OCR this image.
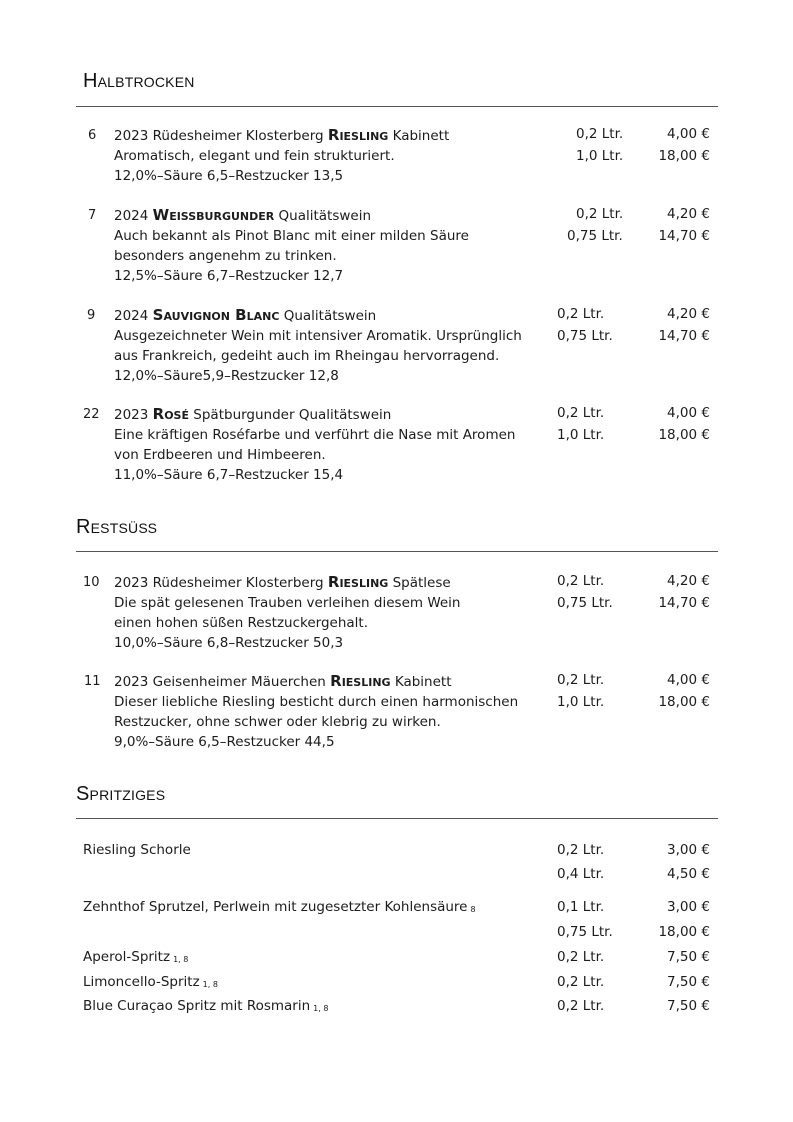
Halbtrocken
6 2023 Rüdesheimer Klosterberg Riesling Kabinett
Aromatisch, elegant und fein strukturiert.
12,0%–Säure 6,5–Restzucker 13,5
0,2 Ltr.	4,00 €
1,0 Ltr.	18,00 €
7 2024 Weißburgunder Qualitätswein
Auch bekannt als Pinot Blanc mit einer milden Säure
besonders angenehm zu trinken.
12,5%–Säure 6,7–Restzucker 12,7
0,2 Ltr.	4,20 €
0,75 Ltr.	14,70 €
9 2024 Sauvignon Blanc Qualitätswein
Ausgezeichneter Wein mit intensiver Aromatik. Ursprünglich
aus Frankreich, gedeiht auch im Rheingau hervorragend.
12,0%–Säure5,9–Restzucker 12,8
0,2 Ltr.	4,20 €
0,75 Ltr.	14,70 €
22 2023 Rosé Spätburgunder Qualitätswein
Eine kräftigen Roséfarbe und verführt die Nase mit Aromen
von Erdbeeren und Himbeeren.
11,0%–Säure 6,7–Restzucker 15,4
0,2 Ltr.	4,00 €
1,0 Ltr.	18,00 €
Restsüß
10 2023 Rüdesheimer Klosterberg Riesling Spätlese
Die spät gelesenen Trauben verleihen diesem Wein
einen hohen süßen Restzuckergehalt.
10,0%–Säure 6,8–Restzucker 50,3
0,2 Ltr.	4,20 €
0,75 Ltr.	14,70 €
11 2023 Geisenheimer Mäuerchen Riesling Kabinett
Dieser liebliche Riesling besticht durch einen harmonischen
Restzucker, ohne schwer oder klebrig zu wirken.
9,0%–Säure 6,5–Restzucker 44,5
0,2 Ltr.	4,00 €
1,0 Ltr.	18,00 €
Spritziges
Riesling Schorle	0,2 Ltr.	3,00 €
0,4 Ltr.	4,50 €
Zehnthof Sprutzel, Perlwein mit zugesetzter Kohlensäure 8	0,1 Ltr.	3,00 €
0,75 Ltr.	18,00 €
Aperol-Spritz 1, 8	0,2 Ltr.	7,50 €
Limoncello-Spritz 1, 8	0,2 Ltr.	7,50 €
Blue Curaçao Spritz mit Rosmarin 1, 8	0,2 Ltr.	7,50 €
